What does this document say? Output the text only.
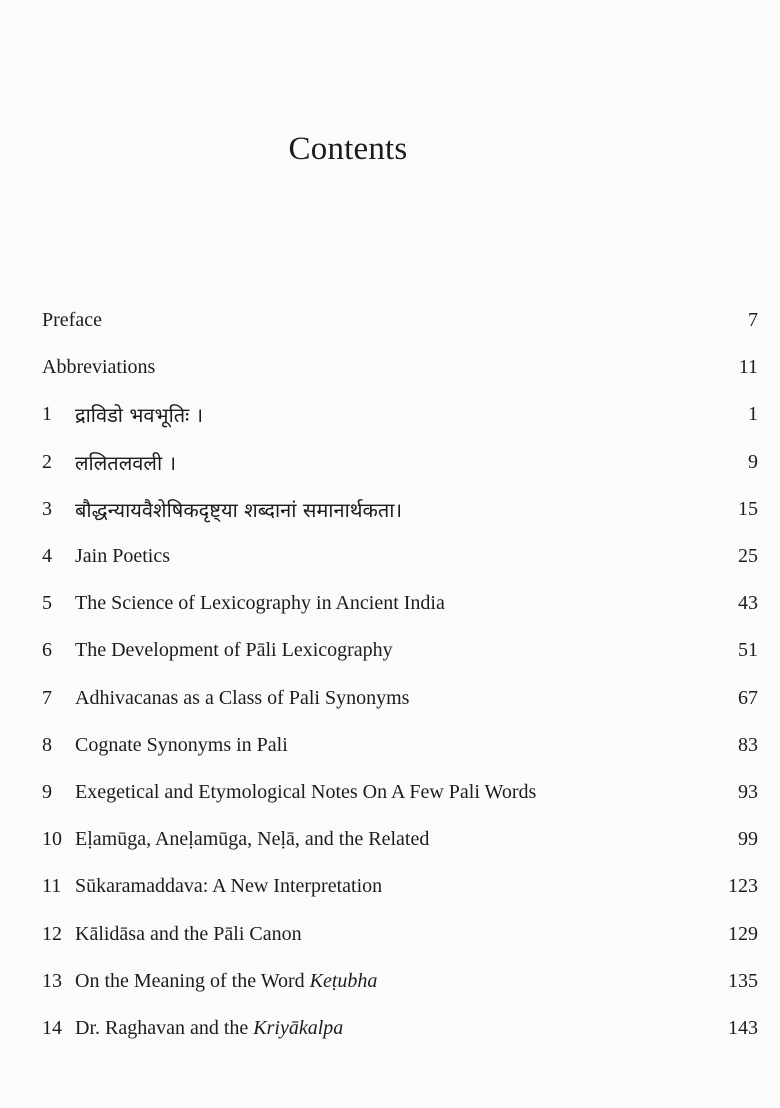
Contents
Preface	7
Abbreviations	11
1	द्राविडो भवभूतिः ।	1
2	ललितलवली ।	9
3	बौद्धन्यायवैशेषिकदृष्ट्या शब्दानां समानार्थकता।	15
4	Jain Poetics	25
5	The Science of Lexicography in Ancient India	43
6	The Development of Pāli Lexicography	51
7	Adhivacanas as a Class of Pali Synonyms	67
8	Cognate Synonyms in Pali	83
9	Exegetical and Etymological Notes On A Few Pali Words	93
10 Eḷamūga, Aneḷamūga, Neḷā, and the Related	99
11 Sūkaramaddava: A New Interpretation	123
12 Kālidāsa and the Pāli Canon	129
13 On the Meaning of the Word Keṭubha	135
14 Dr. Raghavan and the Kriyākalpa	143
